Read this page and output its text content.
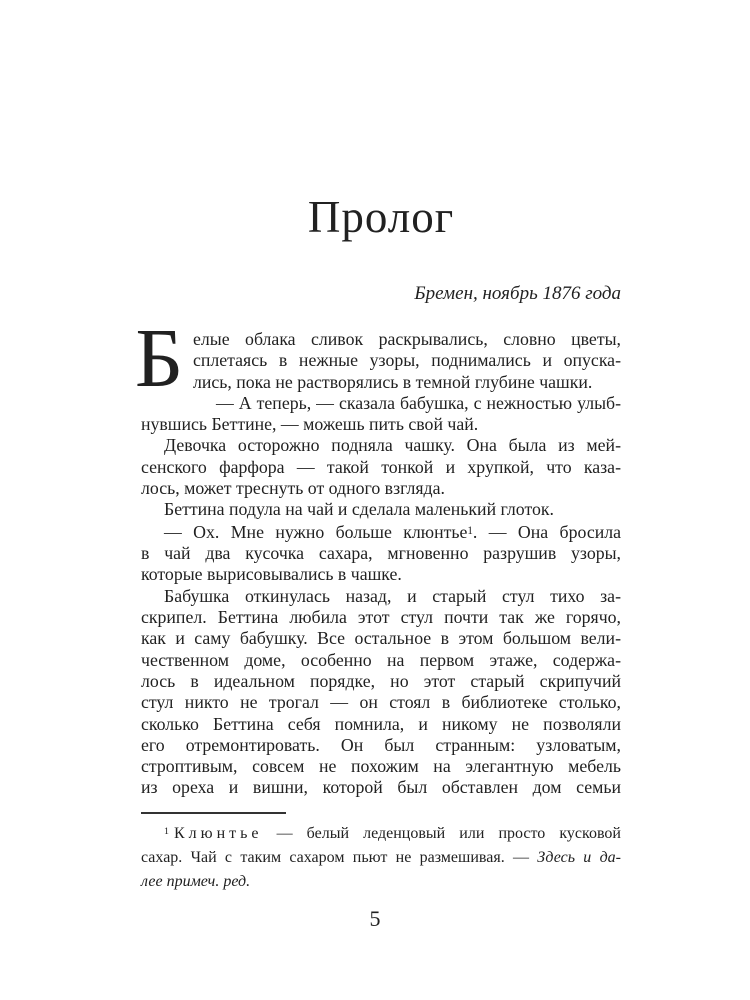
Пролог
Бремен, ноябрь 1876 года
Б елые облака сливок раскрывались, словно цветы,
сплетаясь в нежные узоры, поднимались и опуска-
лись, пока не растворялись в темной глубине чашки.
— А теперь, — сказала бабушка, с нежностью улыб-
нувшись Беттине, — можешь пить свой чай.
Девочка осторожно подняла чашку. Она была из мей-
сенского фарфора — такой тонкой и хрупкой, что каза-
лось, может треснуть от одного взгляда.
Беттина подула на чай и сделала маленький глоток.
— Ох. Мне нужно больше клюнтье$^1$. — Она бросила
в чай два кусочка сахара, мгновенно разрушив узоры,
которые вырисовывались в чашке.
Бабушка откинулась назад, и старый стул тихо за-
скрипел. Беттина любила этот стул почти так же горячо,
как и саму бабушку. Все остальное в этом большом вели-
чественном доме, особенно на первом этаже, содержа-
лось в идеальном порядке, но этот старый скрипучий
стул никто не трогал — он стоял в библиотеке столько,
сколько Беттина себя помнила, и никому не позволяли
его отремонтировать. Он был странным: узловатым,
строптивым, совсем не похожим на элегантную мебель
из ореха и вишни, которой был обставлен дом семьи
$^1$ Клюнтье — белый леденцовый или просто кусковой
сахар. Чай с таким сахаром пьют не размешивая. — Здесь и да-
лее примеч. ред.
5
